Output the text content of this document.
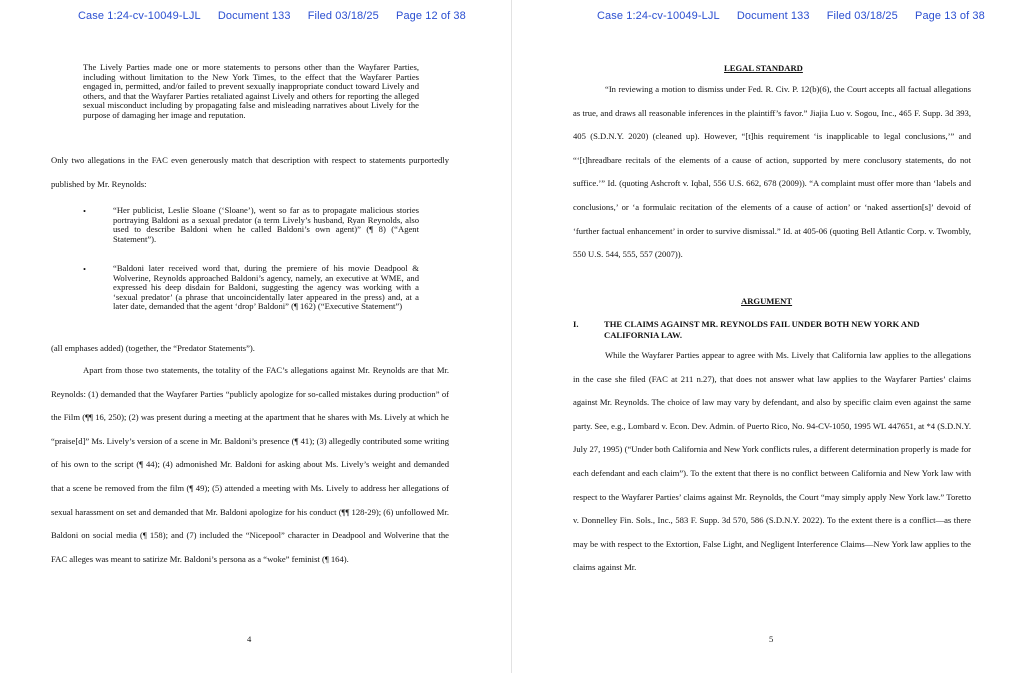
Case 1:24-cv-10049-LJL Document 133 Filed 03/18/25 Page 12 of 38
The Lively Parties made one or more statements to persons other than the Wayfarer Parties, including without limitation to the New York Times, to the effect that the Wayfarer Parties engaged in, permitted, and/or failed to prevent sexually inappropriate conduct toward Lively and others, and that the Wayfarer Parties retaliated against Lively and others for reporting the alleged sexual misconduct including by propagating false and misleading narratives about Lively for the purpose of damaging her image and reputation.
Only two allegations in the FAC even generously match that description with respect to statements purportedly published by Mr. Reynolds:
•	“Her publicist, Leslie Sloane (‘Sloane’), went so far as to propagate malicious stories portraying Baldoni as a sexual predator (a term Lively’s husband, Ryan Reynolds, also used to describe Baldoni when he called Baldoni’s own agent)” (¶ 8) (“Agent Statement”).
•	“Baldoni later received word that, during the premiere of his movie Deadpool & Wolverine, Reynolds approached Baldoni’s agency, namely, an executive at WME, and expressed his deep disdain for Baldoni, suggesting the agency was working with a ‘sexual predator’ (a phrase that uncoincidentally later appeared in the press) and, at a later date, demanded that the agent ‘drop’ Baldoni” (¶ 162) (“Executive Statement”)
(all emphases added) (together, the “Predator Statements”).
Apart from those two statements, the totality of the FAC’s allegations against Mr. Reynolds are that Mr. Reynolds: (1) demanded that the Wayfarer Parties “publicly apologize for so-called mistakes during production” of the Film (¶¶ 16, 250); (2) was present during a meeting at the apartment that he shares with Ms. Lively at which he “praise[d]” Ms. Lively’s version of a scene in Mr. Baldoni’s presence (¶ 41); (3) allegedly contributed some writing of his own to the script (¶ 44); (4) admonished Mr. Baldoni for asking about Ms. Lively’s weight and demanded that a scene be removed from the film (¶ 49); (5) attended a meeting with Ms. Lively to address her allegations of sexual harassment on set and demanded that Mr. Baldoni apologize for his conduct (¶¶ 128-29); (6) unfollowed Mr. Baldoni on social media (¶ 158); and (7) included the “Nicepool” character in Deadpool and Wolverine that the FAC alleges was meant to satirize Mr. Baldoni’s persona as a “woke” feminist (¶ 164).
4
Case 1:24-cv-10049-LJL Document 133 Filed 03/18/25 Page 13 of 38
LEGAL STANDARD
“In reviewing a motion to dismiss under Fed. R. Civ. P. 12(b)(6), the Court accepts all factual allegations as true, and draws all reasonable inferences in the plaintiff’s favor.” Jiajia Luo v. Sogou, Inc., 465 F. Supp. 3d 393, 405 (S.D.N.Y. 2020) (cleaned up). However, “[t]his requirement ‘is inapplicable to legal conclusions,’” and “‘[t]hreadbare recitals of the elements of a cause of action, supported by mere conclusory statements, do not suffice.’” Id. (quoting Ashcroft v. Iqbal, 556 U.S. 662, 678 (2009)). “A complaint must offer more than ‘labels and conclusions,’ or ‘a formulaic recitation of the elements of a cause of action’ or ‘naked assertion[s]’ devoid of ‘further factual enhancement’ in order to survive dismissal.” Id. at 405-06 (quoting Bell Atlantic Corp. v. Twombly, 550 U.S. 544, 555, 557 (2007)).
ARGUMENT
I.	THE CLAIMS AGAINST MR. REYNOLDS FAIL UNDER BOTH NEW YORK AND CALIFORNIA LAW.
While the Wayfarer Parties appear to agree with Ms. Lively that California law applies to the allegations in the case she filed (FAC at 211 n.27), that does not answer what law applies to the Wayfarer Parties’ claims against Mr. Reynolds. The choice of law may vary by defendant, and also by specific claim even against the same party. See, e.g., Lombard v. Econ. Dev. Admin. of Puerto Rico, No. 94-CV-1050, 1995 WL 447651, at *4 (S.D.N.Y. July 27, 1995) (“Under both California and New York conflicts rules, a different determination properly is made for each defendant and each claim”). To the extent that there is no conflict between California and New York law with respect to the Wayfarer Parties’ claims against Mr. Reynolds, the Court “may simply apply New York law.” Toretto v. Donnelley Fin. Sols., Inc., 583 F. Supp. 3d 570, 586 (S.D.N.Y. 2022). To the extent there is a conflict—as there may be with respect to the Extortion, False Light, and Negligent Interference Claims—New York law applies to the claims against Mr.
5
